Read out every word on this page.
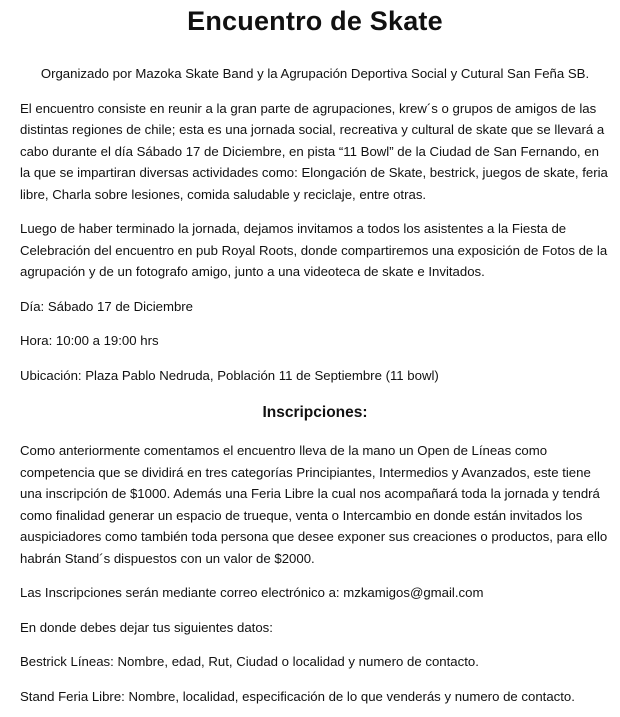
Encuentro de Skate

Organizado por Mazoka Skate Band y la Agrupación Deportiva Social y Cutural San Feña SB.

El encuentro consiste en reunir a la gran parte de agrupaciones, krew´s o grupos de amigos de las distintas regiones de chile; esta es una jornada social, recreativa y cultural de skate que se llevará a cabo durante el día Sábado 17 de Diciembre, en pista “11 Bowl” de la Ciudad de San Fernando, en la que se impartiran diversas actividades como: Elongación de Skate, bestrick, juegos de skate, feria libre, Charla sobre lesiones, comida saludable y reciclaje, entre otras.

Luego de haber terminado la jornada, dejamos invitamos a todos los asistentes a la Fiesta de Celebración del encuentro en pub Royal Roots, donde compartiremos una exposición de Fotos de la agrupación y de un fotografo amigo, junto a una videoteca de skate e Invitados.

Día: Sábado 17 de Diciembre

Hora: 10:00 a 19:00 hrs

Ubicación: Plaza Pablo Nedruda, Población 11 de Septiembre (11 bowl)

Inscripciones:

Como anteriormente comentamos el encuentro lleva de la mano un Open de Líneas como competencia que se dividirá en tres categorías Principiantes, Intermedios y Avanzados, este tiene una inscripción de $1000. Además una Feria Libre la cual nos acompañará toda la jornada y tendrá como finalidad generar un espacio de trueque, venta o Intercambio en donde están invitados los auspiciadores como también toda persona que desee exponer sus creaciones o productos, para ello habrán Stand´s dispuestos con un valor de $2000.

Las Inscripciones serán mediante correo electrónico a: mzkamigos@gmail.com

En donde debes dejar tus siguientes datos:

Bestrick Líneas: Nombre, edad, Rut, Ciudad o localidad y numero de contacto.

Stand Feria Libre: Nombre, localidad, especificación de lo que venderás y numero de contacto.
